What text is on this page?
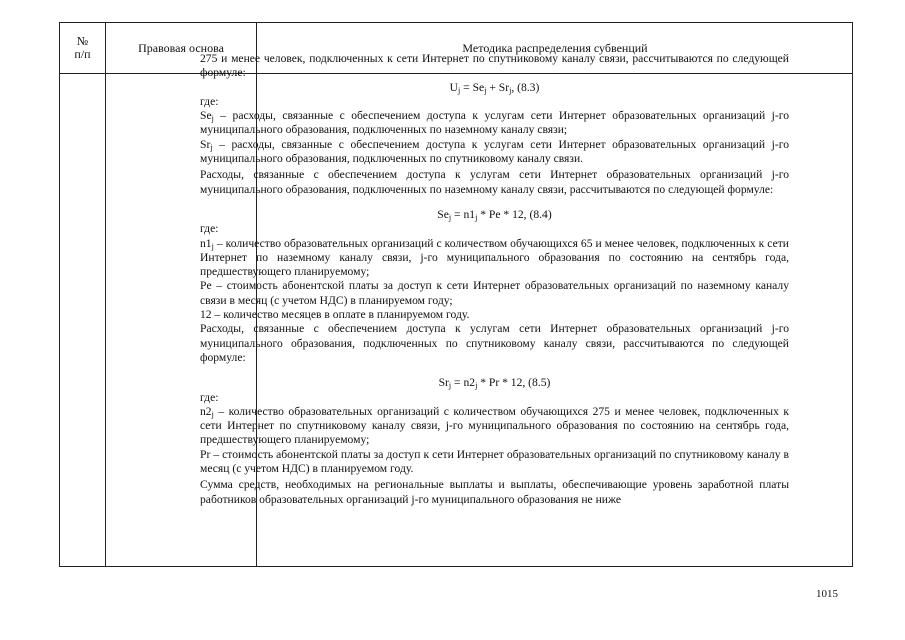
№
п/п	Правовая основа	Методика распределения субвенций

275 и менее человек, подключенных к сети Интернет по спутниковому каналу связи, рассчитываются по следующей формуле:

$U_j = Se_j + Sr_j$, (8.3)

где:

$Se_j$ – расходы, связанные с обеспечением доступа к услугам сети Интернет образовательных организаций j-го муниципального образования, подключенных по наземному каналу связи;

$Sr_j$ – расходы, связанные с обеспечением доступа к услугам сети Интернет образовательных организаций j-го муниципального образования, подключенных по спутниковому каналу связи.

Расходы, связанные с обеспечением доступа к услугам сети Интернет образовательных организаций j-го муниципального образования, подключенных по наземному каналу связи, рассчитываются по следующей формуле:

$Se_j = n1_j * Pe * 12$, (8.4)

где:

$n1_j$ – количество образовательных организаций с количеством обучающихся 65 и менее человек, подключенных к сети Интернет по наземному каналу связи, j-го муниципального образования по состоянию на сентябрь года, предшествующего планируемому;

Pe – стоимость абонентской платы за доступ к сети Интернет образовательных организаций по наземному каналу связи в месяц (с учетом НДС) в планируемом году;

12 – количество месяцев в оплате в планируемом году.

Расходы, связанные с обеспечением доступа к услугам сети Интернет образовательных организаций j-го муниципального образования, подключенных по спутниковому каналу связи, рассчитываются по следующей формуле:

$Sr_j = n2_j * Pr * 12$, (8.5)

где:

$n2_j$ – количество образовательных организаций с количеством обучающихся 275 и менее человек, подключенных к сети Интернет по спутниковому каналу связи, j-го муниципального образования по состоянию на сентябрь года, предшествующего планируемому;

Pr – стоимость абонентской платы за доступ к сети Интернет образовательных организаций по спутниковому каналу в месяц (с учетом НДС) в планируемом году.

Сумма средств, необходимых на региональные выплаты и выплаты, обеспечивающие уровень заработной платы работников образовательных организаций j-го муниципального образования не ниже

1015
